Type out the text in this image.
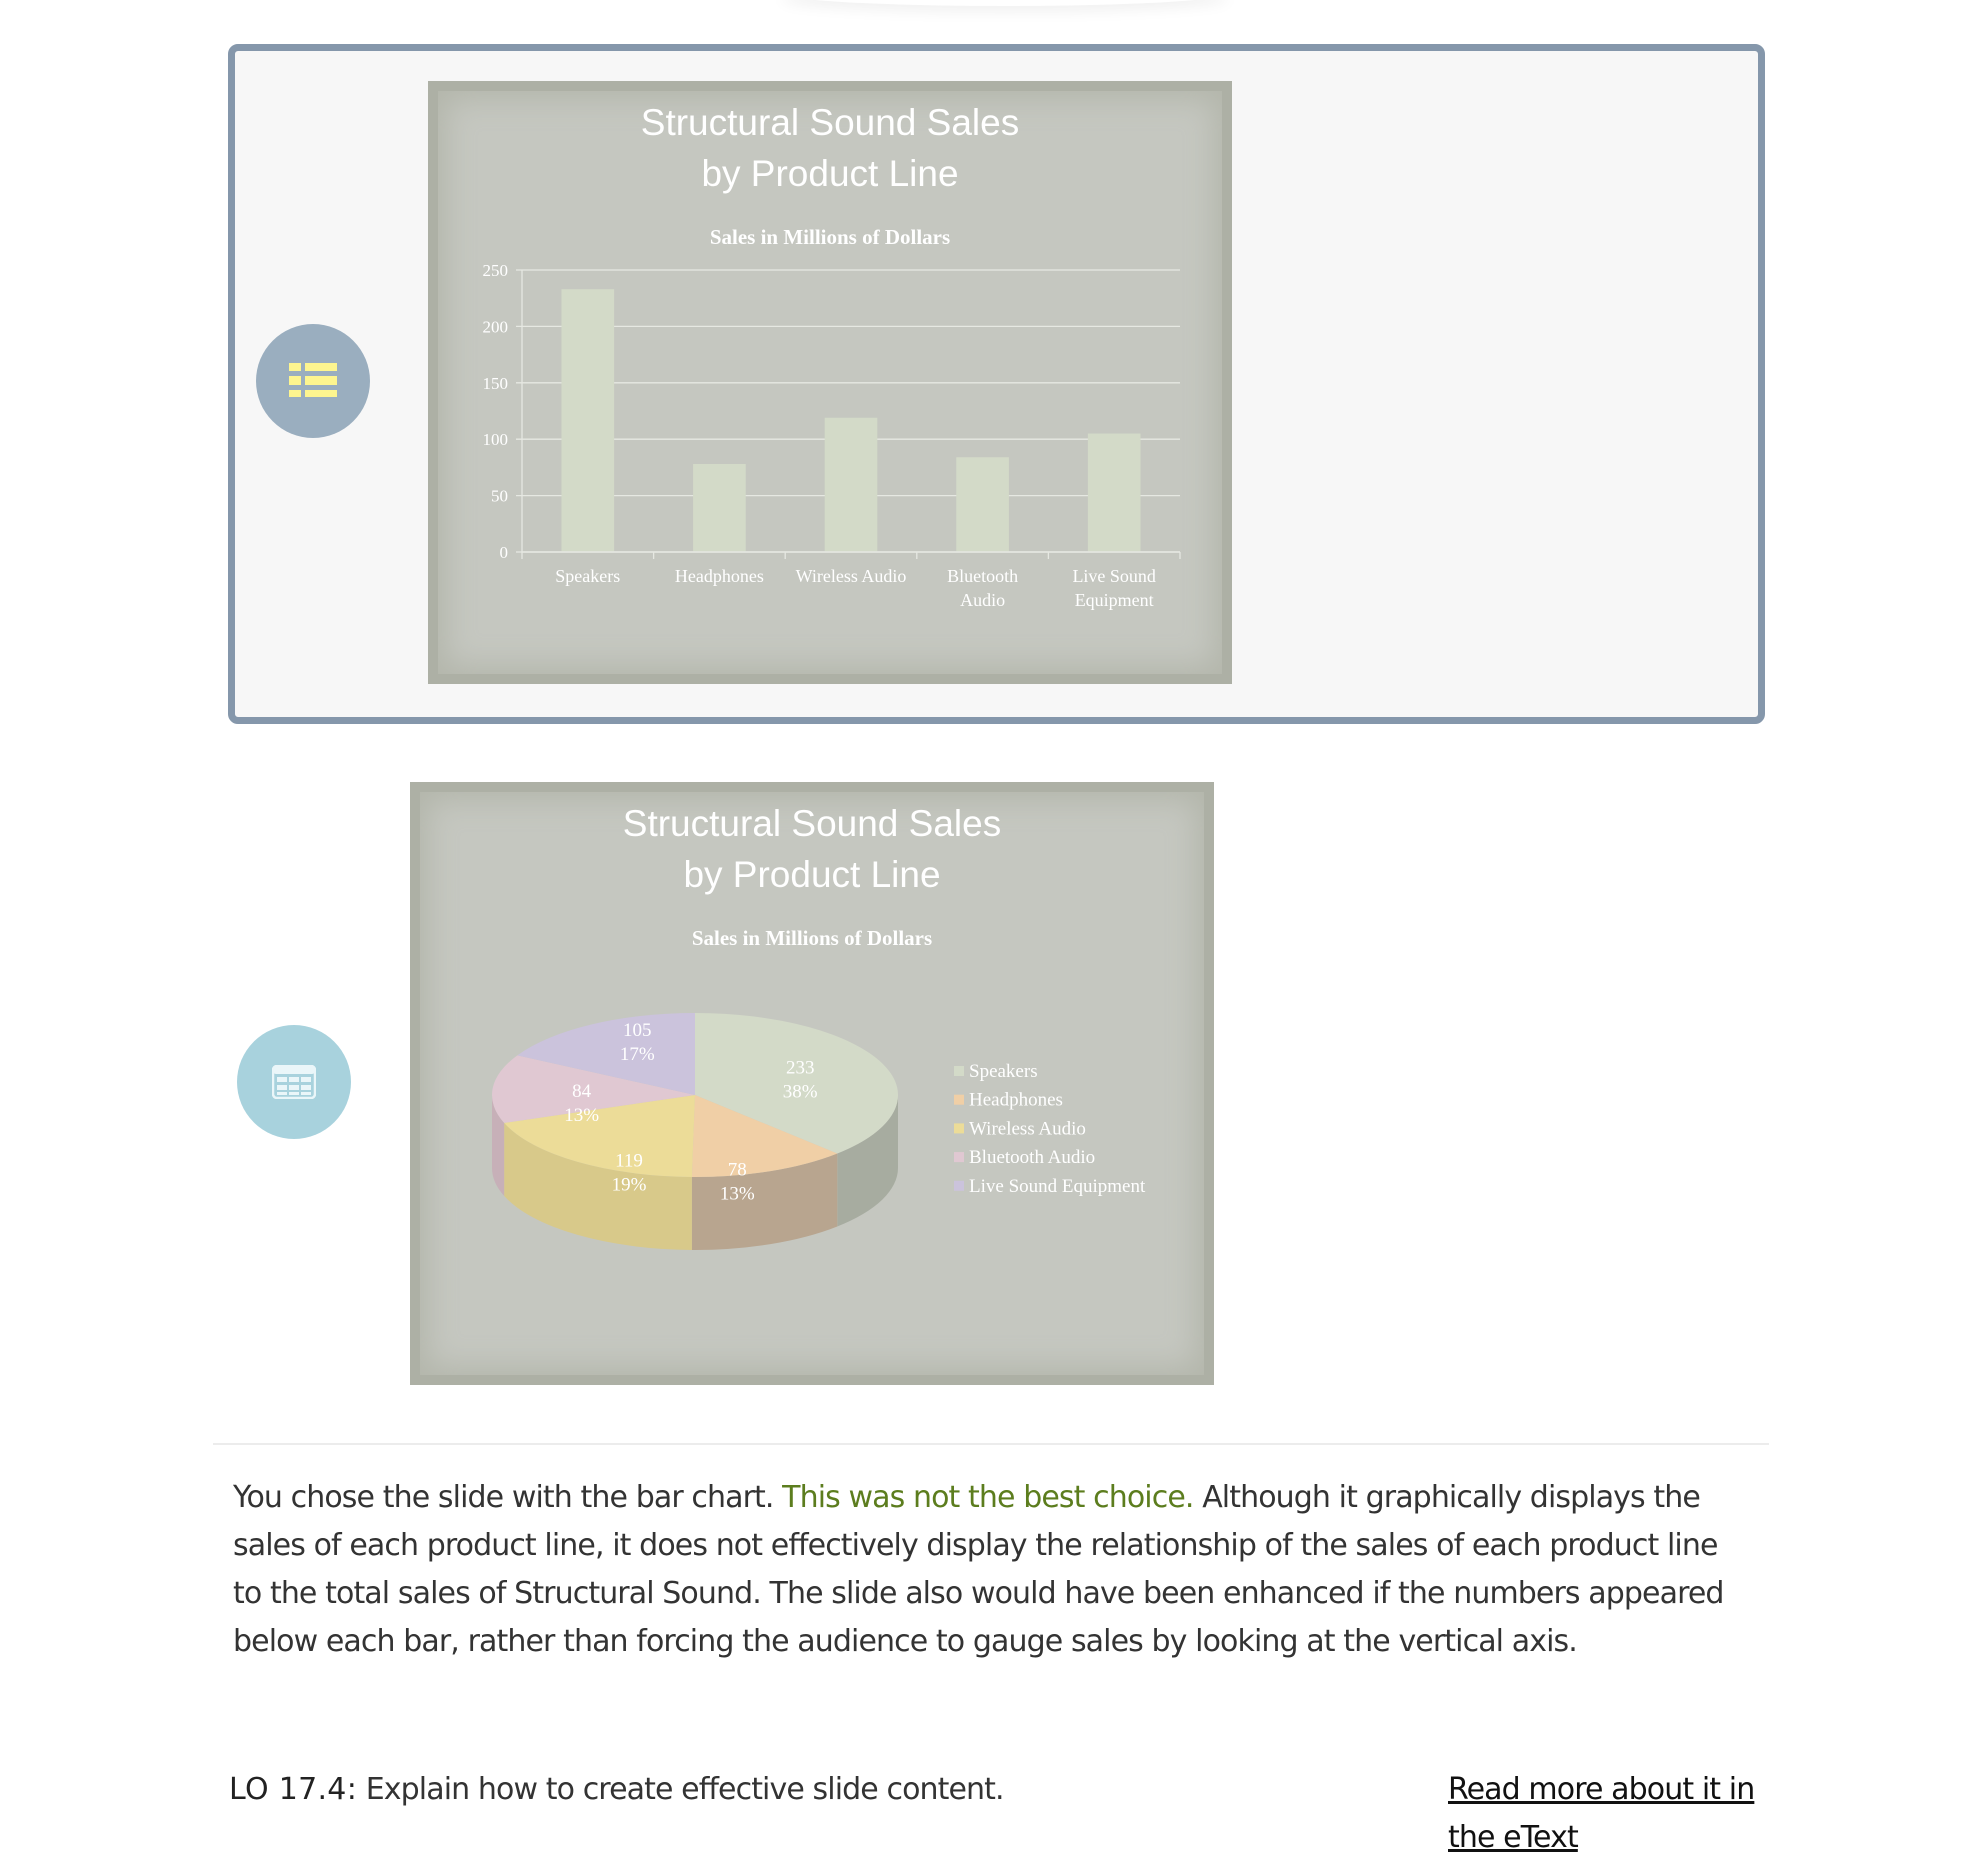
Structural Sound Sales
by Product Line
Sales in Millions of Dollars
0
50
100
150
200
250
Speakers	Headphones Wireless Audio Bluetooth Audio
Live Sound Equipment
Structural Sound Sales
by Product Line
Sales in Millions of Dollars
233
38%
78
13%
119
19%
84
13%
105
17%
Speakers
Headphones
Wireless Audio
Bluetooth Audio
Live Sound Equipment
You chose the slide with the bar chart. This was not the best choice. Although it graphically displays the sales of each product line, it does not effectively display the relationship of the sales of each product line to the total sales of Structural Sound. The slide also would have been enhanced if the numbers appeared below each bar, rather than forcing the audience to gauge sales by looking at the vertical axis.
LO 17.4: Explain how to create effective slide content.	Read more about it in the eText
